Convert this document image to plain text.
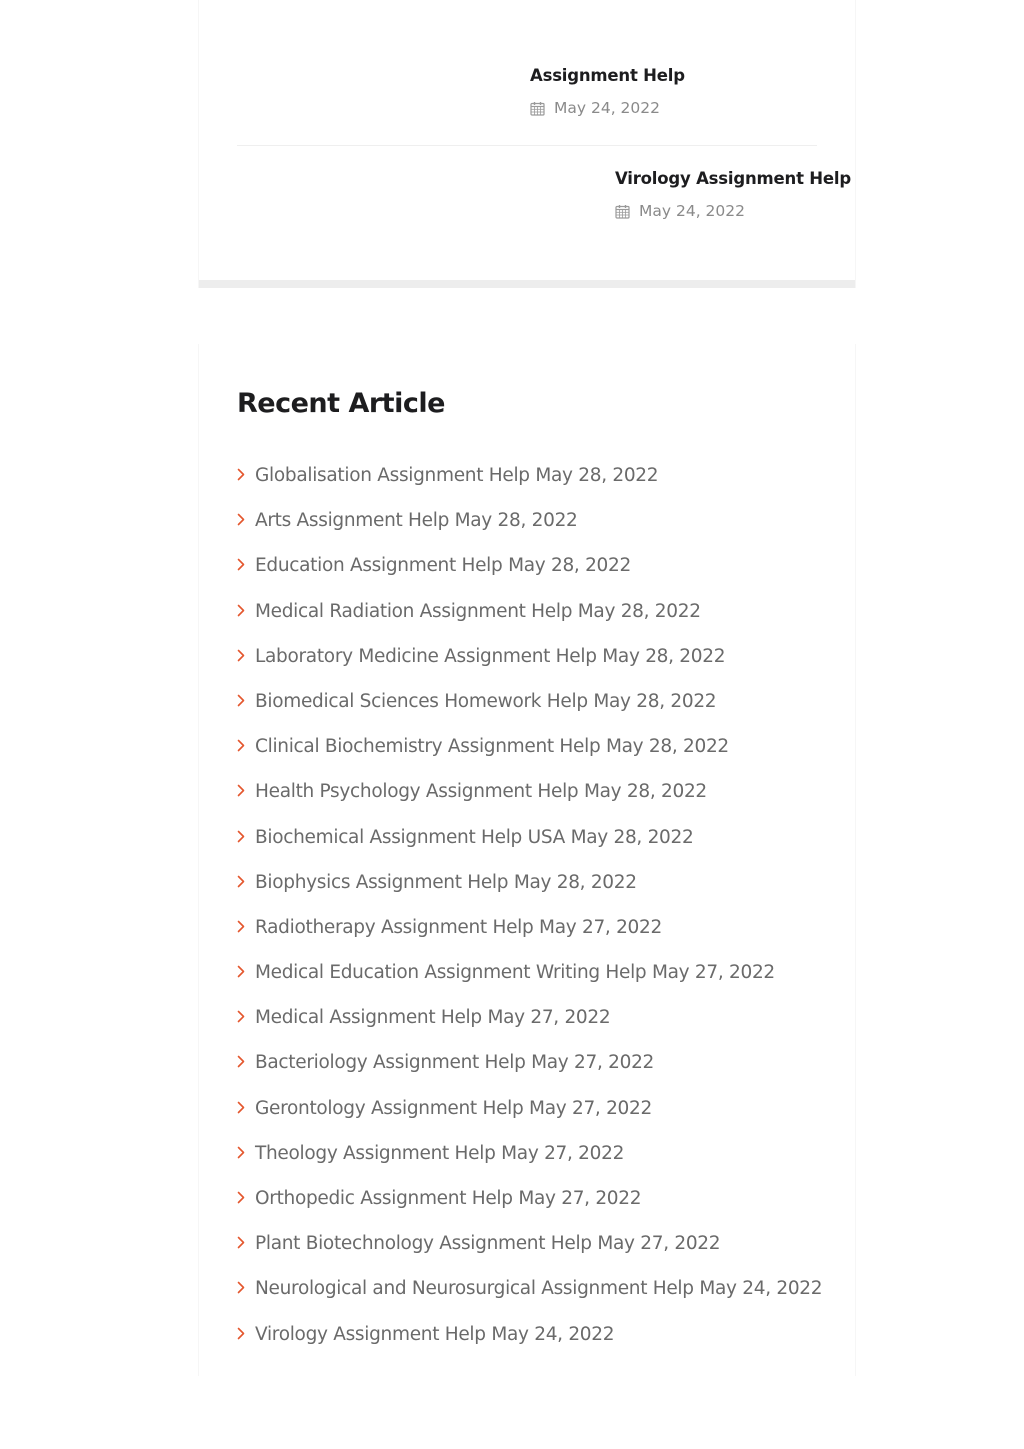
Assignment Help
May 24, 2022
Virology Assignment Help
May 24, 2022
Recent Article
Globalisation Assignment Help May 28, 2022
Arts Assignment Help May 28, 2022
Education Assignment Help May 28, 2022
Medical Radiation Assignment Help May 28, 2022
Laboratory Medicine Assignment Help May 28, 2022
Biomedical Sciences Homework Help May 28, 2022
Clinical Biochemistry Assignment Help May 28, 2022
Health Psychology Assignment Help May 28, 2022
Biochemical Assignment Help USA May 28, 2022
Biophysics Assignment Help May 28, 2022
Radiotherapy Assignment Help May 27, 2022
Medical Education Assignment Writing Help May 27, 2022
Medical Assignment Help May 27, 2022
Bacteriology Assignment Help May 27, 2022
Gerontology Assignment Help May 27, 2022
Theology Assignment Help May 27, 2022
Orthopedic Assignment Help May 27, 2022
Plant Biotechnology Assignment Help May 27, 2022
Neurological and Neurosurgical Assignment Help May 24, 2022
Virology Assignment Help May 24, 2022
